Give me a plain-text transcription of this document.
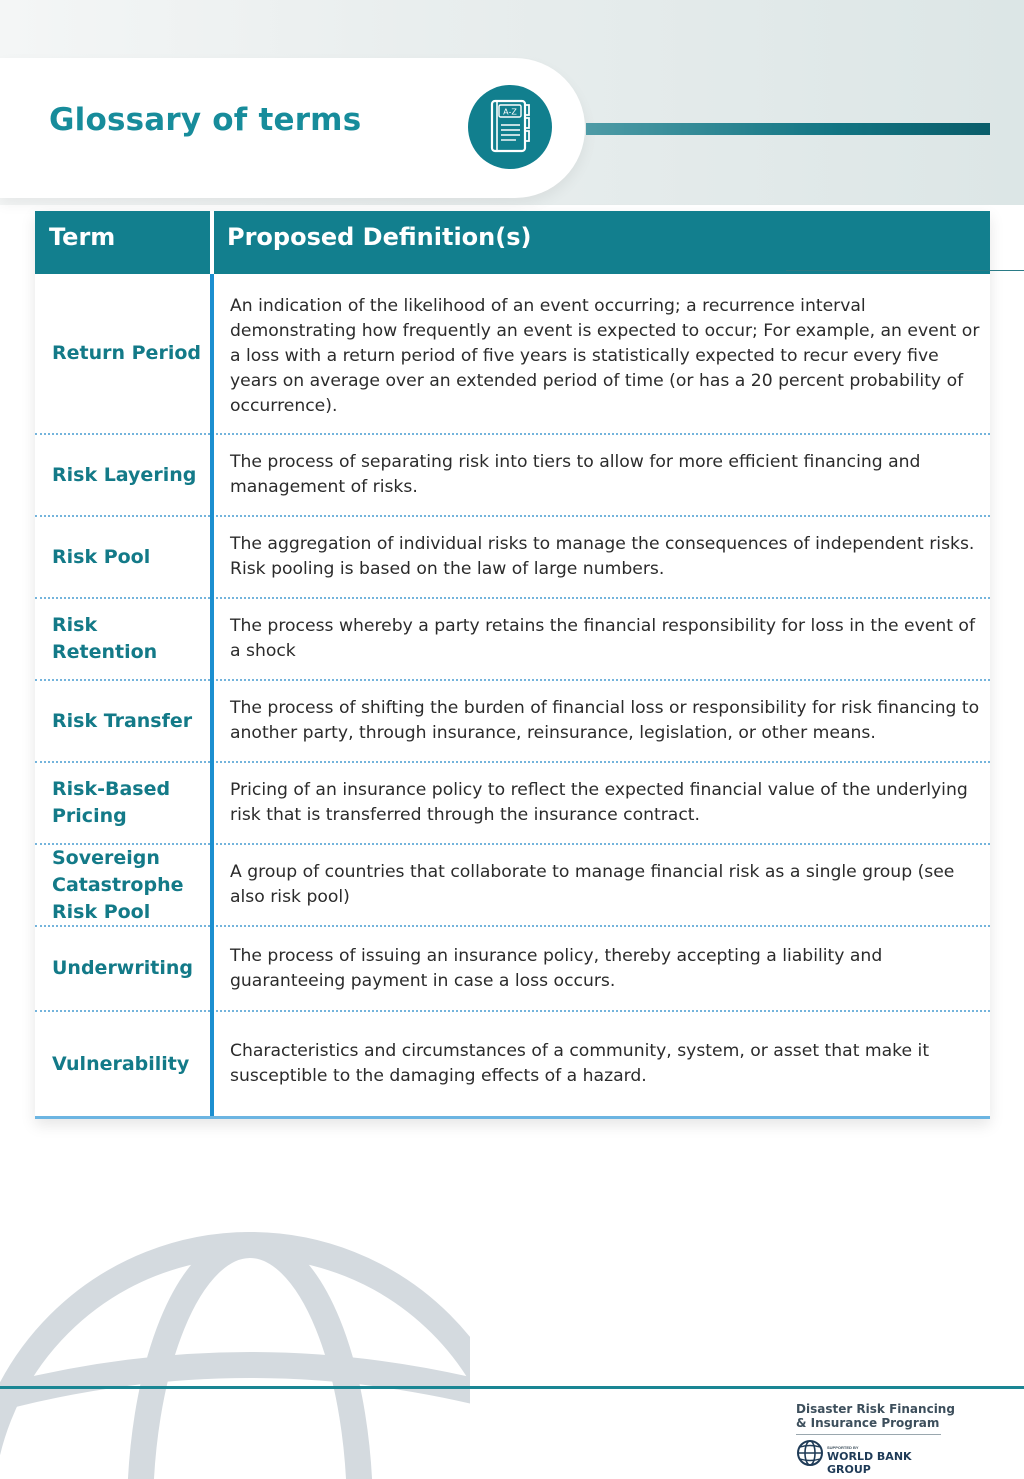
Glossary of terms	A-Z
Term	Proposed Definition(s)
Return Period
An indication of the likelihood of an event occurring; a recurrence interval demonstrating how frequently an event is expected to occur; For example, an event or a loss with a return period of five years is statistically expected to recur every five years on average over an extended period of time (or has a 20 percent probability of occurrence).
Risk Layering
The process of separating risk into tiers to allow for more efficient financing and management of risks.
Risk Pool
The aggregation of individual risks to manage the consequences of independent risks. Risk pooling is based on the law of large numbers.
Risk Retention
The process whereby a party retains the financial responsibility for loss in the event of a shock
Risk Transfer
The process of shifting the burden of financial loss or responsibility for risk financing to another party, through insurance, reinsurance, legislation, or other means.
Risk-Based Pricing
Pricing of an insurance policy to reflect the expected financial value of the underlying risk that is transferred through the insurance contract.
Sovereign Catastrophe Risk Pool
A group of countries that collaborate to manage financial risk as a single group (see also risk pool)
Underwriting
The process of issuing an insurance policy, thereby accepting a liability and guaranteeing payment in case a loss occurs.
Vulnerability
Characteristics and circumstances of a community, system, or asset that make it susceptible to the damaging effects of a hazard.
Disaster Risk Financing
& Insurance Program
SUPPORTED BY
WORLD BANK GROUP
